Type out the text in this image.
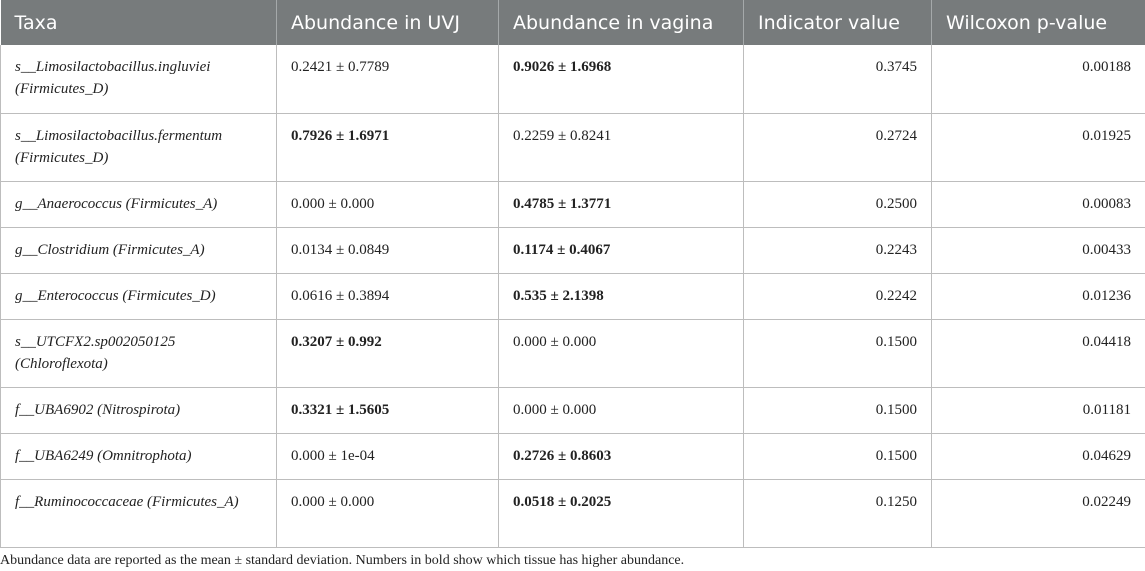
Taxa	Abundance in UVJ	Abundance in vagina	Indicator value	Wilcoxon p-value
s__Limosilactobacillus.ingluviei (Firmicutes_D)	0.2421 ± 0.7789	0.9026 ± 1.6968	0.3745	0.00188
s__Limosilactobacillus.fermentum (Firmicutes_D)	0.7926 ± 1.6971	0.2259 ± 0.8241	0.2724	0.01925
g__Anaerococcus (Firmicutes_A)	0.000 ± 0.000	0.4785 ± 1.3771	0.2500	0.00083
g__Clostridium (Firmicutes_A)	0.0134 ± 0.0849	0.1174 ± 0.4067	0.2243	0.00433
g__Enterococcus (Firmicutes_D)	0.0616 ± 0.3894	0.535 ± 2.1398	0.2242	0.01236
s__UTCFX2.sp002050125 (Chloroflexota)	0.3207 ± 0.992	0.000 ± 0.000	0.1500	0.04418
f__UBA6902 (Nitrospirota)	0.3321 ± 1.5605	0.000 ± 0.000	0.1500	0.01181
f__UBA6249 (Omnitrophota)	0.000 ± 1e-04	0.2726 ± 0.8603	0.1500	0.04629
f__Ruminococcaceae (Firmicutes_A)	0.000 ± 0.000	0.0518 ± 0.2025	0.1250	0.02249
Abundance data are reported as the mean ± standard deviation. Numbers in bold show which tissue has higher abundance.
